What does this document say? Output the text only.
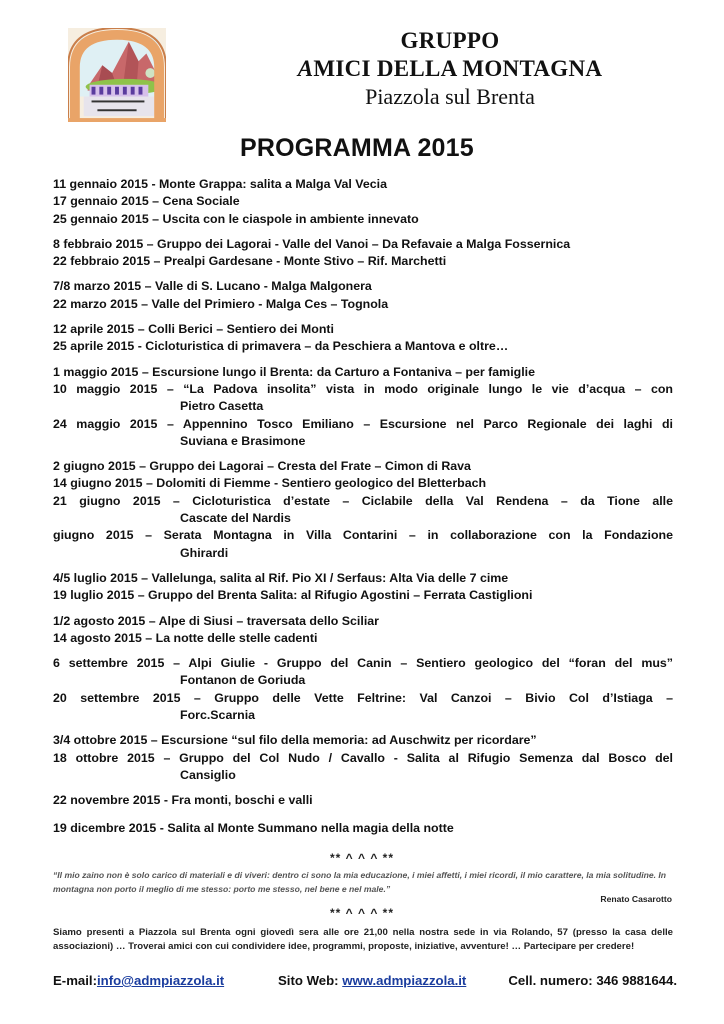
GRUPPO
AMICI DELLA MONTAGNA
Piazzola sul Brenta
PROGRAMMA 2015
11 gennaio 2015 - Monte Grappa: salita a Malga Val Vecia
17 gennaio 2015 – Cena Sociale
25 gennaio 2015 – Uscita con le ciaspole in ambiente innevato
8 febbraio 2015 – Gruppo dei Lagorai - Valle del Vanoi – Da Refavaie a Malga Fossernica
22 febbraio 2015 – Prealpi Gardesane - Monte Stivo – Rif. Marchetti
7/8 marzo 2015 – Valle di S. Lucano - Malga Malgonera
22 marzo 2015 – Valle del Primiero - Malga Ces – Tognola
12 aprile 2015 – Colli Berici – Sentiero dei Monti
25 aprile 2015 - Cicloturistica di primavera – da Peschiera a Mantova e oltre…
1 maggio 2015 – Escursione lungo il Brenta: da Carturo a Fontaniva – per famiglie
10 maggio 2015 – “La Padova insolita” vista in modo originale lungo le vie d’acqua – con
Pietro Casetta
24 maggio 2015 – Appennino Tosco Emiliano – Escursione nel Parco Regionale dei laghi di
Suviana e Brasimone
2 giugno 2015 – Gruppo dei Lagorai – Cresta del Frate – Cimon di Rava
14 giugno 2015 – Dolomiti di Fiemme - Sentiero geologico del Bletterbach
21 giugno 2015 – Cicloturistica d’estate – Ciclabile della Val Rendena – da Tione alle
Cascate del Nardis
giugno 2015 – Serata Montagna in Villa Contarini – in collaborazione con la Fondazione
Ghirardi
4/5 luglio 2015 – Vallelunga, salita al Rif. Pio XI / Serfaus: Alta Via delle 7 cime
19 luglio 2015 – Gruppo del Brenta Salita: al Rifugio Agostini – Ferrata Castiglioni
1/2 agosto 2015 – Alpe di Siusi – traversata dello Sciliar
14 agosto 2015 – La notte delle stelle cadenti
6 settembre 2015 – Alpi Giulie - Gruppo del Canin – Sentiero geologico del “foran del mus”
Fontanon de Goriuda
20 settembre 2015 – Gruppo delle Vette Feltrine: Val Canzoi – Bivio Col d’Istiaga –
Forc.Scarnia
3/4 ottobre 2015 – Escursione “sul filo della memoria: ad Auschwitz per ricordare”
18 ottobre 2015 – Gruppo del Col Nudo / Cavallo - Salita al Rifugio Semenza dal Bosco del
Cansiglio
22 novembre 2015 - Fra monti, boschi e valli
19 dicembre 2015 - Salita al Monte Summano nella magia della notte
** ^ ^ ^ **
“Il mio zaino non è solo carico di materiali e di viveri: dentro ci sono la mia educazione, i miei affetti, i miei ricordi, il mio carattere, la mia solitudine. In montagna non porto il meglio di me stesso: porto me stesso, nel bene e nel male.”
Renato Casarotto
** ^ ^ ^ **
Siamo presenti a Piazzola sul Brenta ogni giovedì sera alle ore 21,00 nella nostra sede in via Rolando, 57 (presso la casa delle associazioni) … Troverai amici con cui condividere idee, programmi, proposte, iniziative, avventure! … Partecipare per credere!
E-mail:info@admpiazzola.it	Sito Web: www.admpiazzola.it	Cell. numero: 346 9881644.
